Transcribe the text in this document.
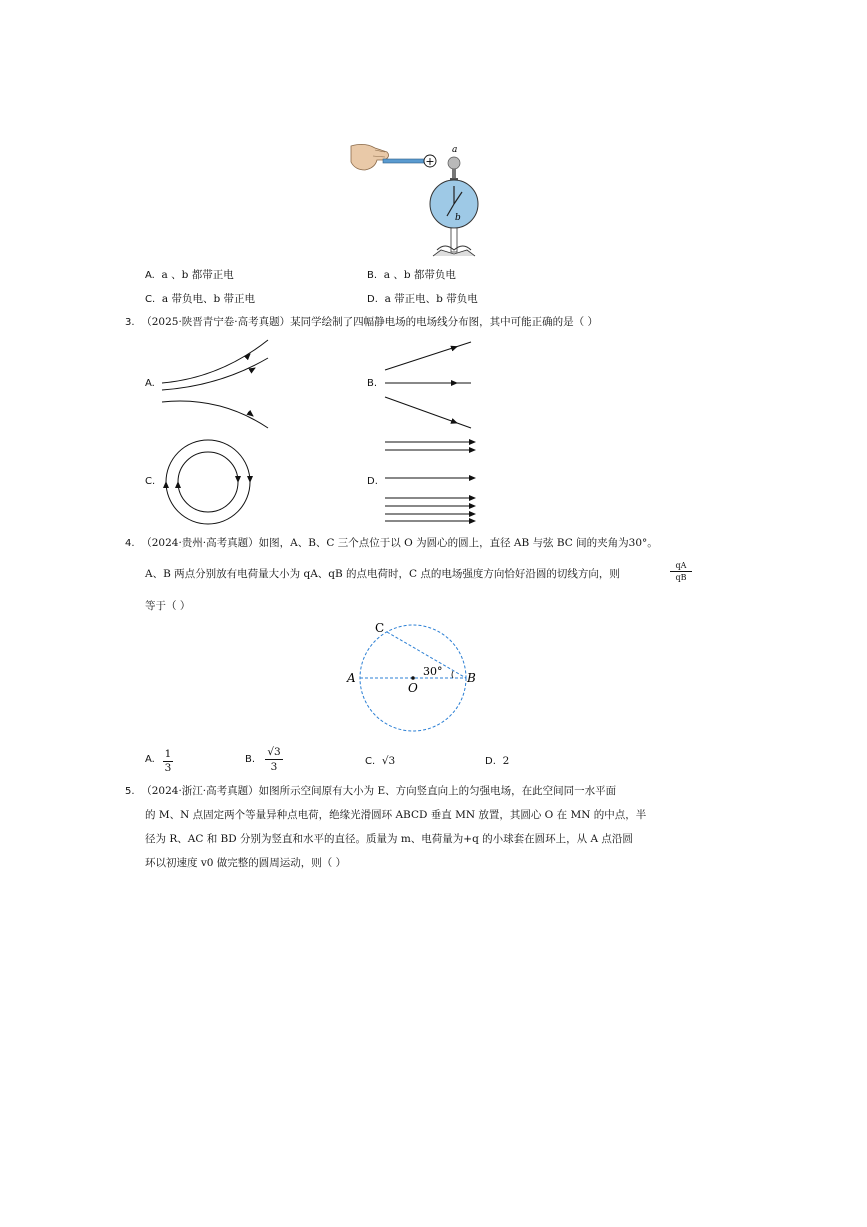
+
a
b
A. a 、b 都带正电	B. a 、b 都带负电
C. a 带负电、b 带正电	D. a 带正电、b 带负电
3. （2025·陕晋青宁卷·高考真题）某同学绘制了四幅静电场的电场线分布图，其中可能正确的是（ ）
A.	B.
C.	D.
4. （2024·贵州·高考真题）如图，A、B、C 三个点位于以 O 为圆心的圆上，直径 AB 与弦 BC 间的夹角为30°。
A、B 两点分别放有电荷量大小为 qA、qB 的点电荷时，C 点的电场强度方向恰好沿圆的切线方向，则
qA
qB
等于（ ）
A	B
C
O
30°
A. 1
3
B.
√3
3	C. √3	D. 2
5. （2024·浙江·高考真题）如图所示空间原有大小为 E、方向竖直向上的匀强电场，在此空间同一水平面
的 M、N 点固定两个等量异种点电荷，绝缘光滑圆环 ABCD 垂直 MN 放置，其圆心 O 在 MN 的中点，半
径为 R、AC 和 BD 分别为竖直和水平的直径。质量为 m、电荷量为+q 的小球套在圆环上，从 A 点沿圆
环以初速度 v0 做完整的圆周运动，则（ ）
